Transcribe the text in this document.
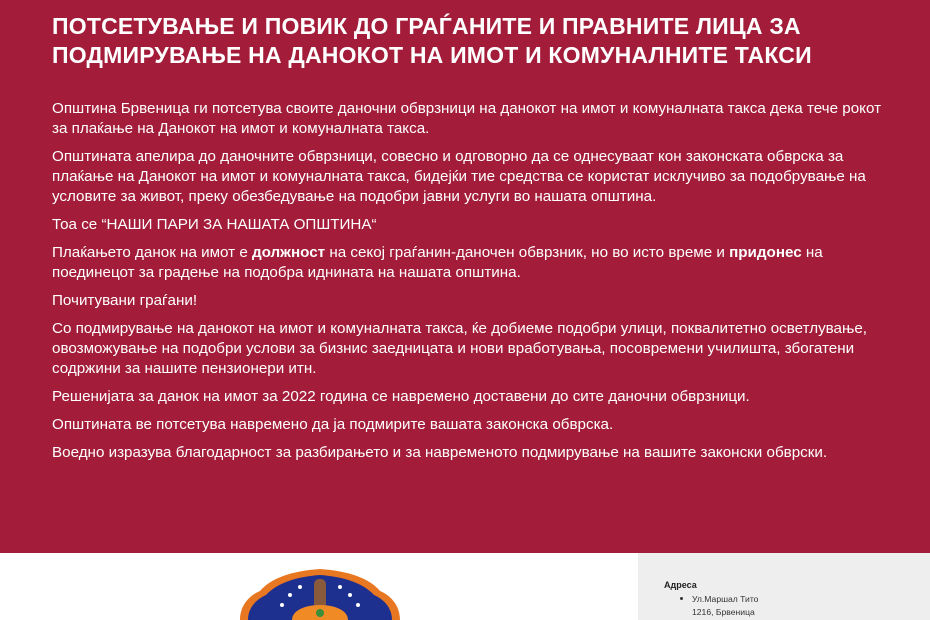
ПОТСЕТУВАЊЕ И ПОВИК ДО ГРАЃАНИТЕ И ПРАВНИТЕ ЛИЦА ЗА
ПОДМИРУВАЊЕ НА ДАНОКОТ НА ИМОТ И КОМУНАЛНИТЕ ТАКСИ

Општина Брвеница ги потсетува своите даночни обврзници на данокот на имот и комуналната такса дека тече рокот за плаќање на Данокот на имот и комуналната такса.

Општината апелира до даночните обврзници, совесно и одговорно да се однесуваат кон законската обврска за плаќање на Данокот на имот и комуналната такса, бидејќи тие средства се користат исклучиво за подобрување на условите за живот, преку обезбедување на подобри јавни услуги во нашата општина.

Тоа се “НАШИ ПАРИ ЗА НАШАТА ОПШТИНА“

Плаќањето данок на имот е должност на секој граѓанин-даночен обврзник, но во исто време и придонес на поединецот за градење на подобра иднината на нашата општина.

Почитувани граѓани!

Со подмирување на данокот на имот и комуналната такса, ќе добиеме подобри улици, поквалитетно осветлување, овозможување на подобри услови за бизнис заедницата и нови вработувања, посовремени училишта, збогатени содржини за нашите пензионери итн.

Решенијата за данок на имот за 2022 година се навремено доставени до сите даночни обврзници.

Општината ве потсетува навремено да ја подмирите вашата законска обврска.

Воедно изразува благодарност за разбирањето и за навременото подмирување на вашите законски обврски.

Адреса
Ул.Маршал Тито
1216, Брвеница
